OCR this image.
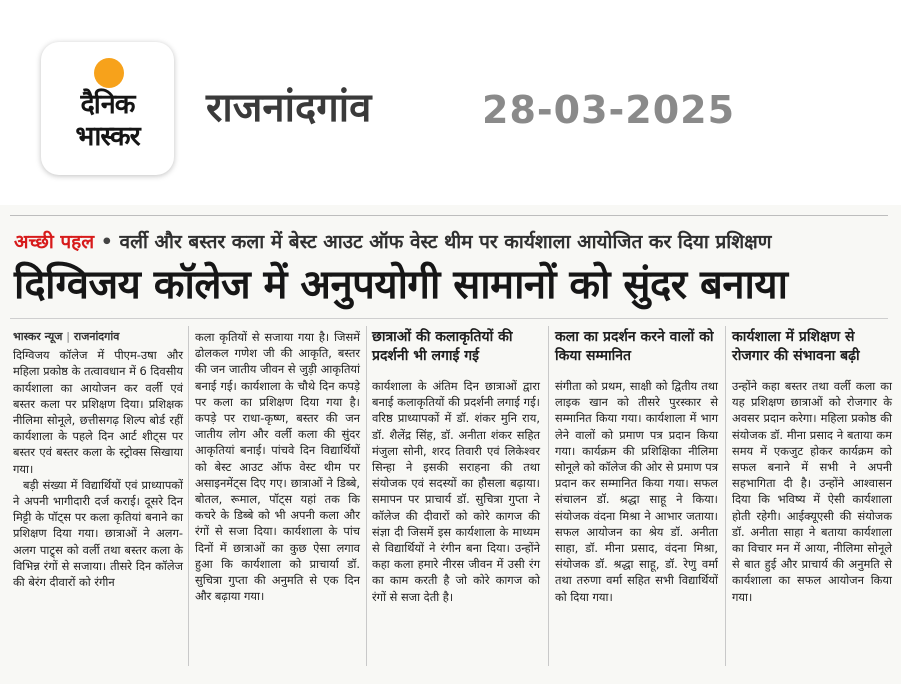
दैनिक
भास्कर
राजनांदगांव	28-03-2025
अच्छी पहल • वर्ली और बस्तर कला में बेस्ट आउट ऑफ वेस्ट थीम पर कार्यशाला आयोजित कर दिया प्रशिक्षण
दिग्विजय कॉलेज में अनुपयोगी सामानों को सुंदर बनाया

भास्कर न्यूज | राजनांदगांव

दिग्विजय कॉलेज में पीएम-उषा और महिला प्रकोष्ठ के तत्वावधान में 6 दिवसीय कार्यशाला का आयोजन कर वर्ली एवं बस्तर कला पर प्रशिक्षण दिया। प्रशिक्षक नीलिमा सोनूले, छत्तीसगढ़ शिल्प बोर्ड रहीं कार्यशाला के पहले दिन आर्ट शीट्स पर बस्तर एवं बस्तर कला के स्ट्रोक्स सिखाया गया।

बड़ी संख्या में विद्यार्थियों एवं प्राध्यापकों ने अपनी भागीदारी दर्ज कराई। दूसरे दिन मिट्टी के पॉट्स पर कला कृतियां बनाने का प्रशिक्षण दिया गया। छात्राओं ने अलग-अलग पाट्र्स को वर्ली तथा बस्तर कला के विभिन्न रंगों से सजाया। तीसरे दिन कॉलेज की बेरंग दीवारों को रंगीन

कला कृतियों से सजाया गया है। जिसमें ढोलकल गणेश जी की आकृति, बस्तर की जन जातीय जीवन से जुड़ी आकृतियां बनाई गई। कार्यशाला के चौथे दिन कपड़े पर कला का प्रशिक्षण दिया गया है। कपड़े पर राधा-कृष्ण, बस्तर की जन जातीय लोग और वर्ली कला की सुंदर आकृतियां बनाई। पांचवे दिन विद्यार्थियों को बेस्ट आउट ऑफ वेस्ट थीम पर असाइनमेंट्स दिए गए। छात्राओं ने डिब्बे, बोतल, रूमाल, पॉट्स यहां तक कि कचरे के डिब्बे को भी अपनी कला और रंगों से सजा दिया। कार्यशाला के पांच दिनों में छात्राओं का कुछ ऐसा लगाव हुआ कि कार्यशाला को प्राचार्या डॉ. सुचित्रा गुप्ता की अनुमति से एक दिन और बढ़ाया गया।

छात्राओं की कलाकृतियों की प्रदर्शनी भी लगाई गई

कार्यशाला के अंतिम दिन छात्राओं द्वारा बनाई कलाकृतियों की प्रदर्शनी लगाई गई। वरिष्ठ प्राध्यापकों में डॉ. शंकर मुनि राय, डॉ. शैलेंद्र सिंह, डॉ. अनीता शंकर सहित मंजुला सोनी, शरद तिवारी एवं लिकेश्वर सिन्हा ने इसकी सराहना की तथा संयोजक एवं सदस्यों का हौसला बढ़ाया। समापन पर प्राचार्य डॉ. सुचित्रा गुप्ता ने कॉलेज की दीवारों को कोरे कागज की संज्ञा दी जिसमें इस कार्यशाला के माध्यम से विद्यार्थियों ने रंगीन बना दिया। उन्होंने कहा कला हमारे नीरस जीवन में उसी रंग का काम करती है जो कोरे कागज को रंगों से सजा देती है।

कला का प्रदर्शन करने वालों को किया सम्मानित

संगीता को प्रथम, साक्षी को द्वितीय तथा लाइक खान को तीसरे पुरस्कार से सम्मानित किया गया। कार्यशाला में भाग लेने वालों को प्रमाण पत्र प्रदान किया गया। कार्यक्रम की प्रशिक्षिका नीलिमा सोनूले को कॉलेज की ओर से प्रमाण पत्र प्रदान कर सम्मानित किया गया। सफल संचालन डॉ. श्रद्धा साहू ने किया। संयोजक वंदना मिश्रा ने आभार जताया। सफल आयोजन का श्रेय डॉ. अनीता साहा, डॉ. मीना प्रसाद, वंदना मिश्रा, संयोजक डॉ. श्रद्धा साहू, डॉ. रेणु वर्मा तथा तरुणा वर्मा सहित सभी विद्यार्थियों को दिया गया।

कार्यशाला में प्रशिक्षण से रोजगार की संभावना बढ़ी

उन्होंने कहा बस्तर तथा वर्ली कला का यह प्रशिक्षण छात्राओं को रोजगार के अवसर प्रदान करेगा। महिला प्रकोष्ठ की संयोजक डॉ. मीना प्रसाद ने बताया कम समय में एकजुट होकर कार्यक्रम को सफल बनाने में सभी ने अपनी सहभागिता दी है। उन्होंने आश्वासन दिया कि भविष्य में ऐसी कार्यशाला होती रहेगी। आईक्यूएसी की संयोजक डॉ. अनीता साहा ने बताया कार्यशाला का विचार मन में आया, नीलिमा सोनूले से बात हुई और प्राचार्य की अनुमति से कार्यशाला का सफल आयोजन किया गया।
